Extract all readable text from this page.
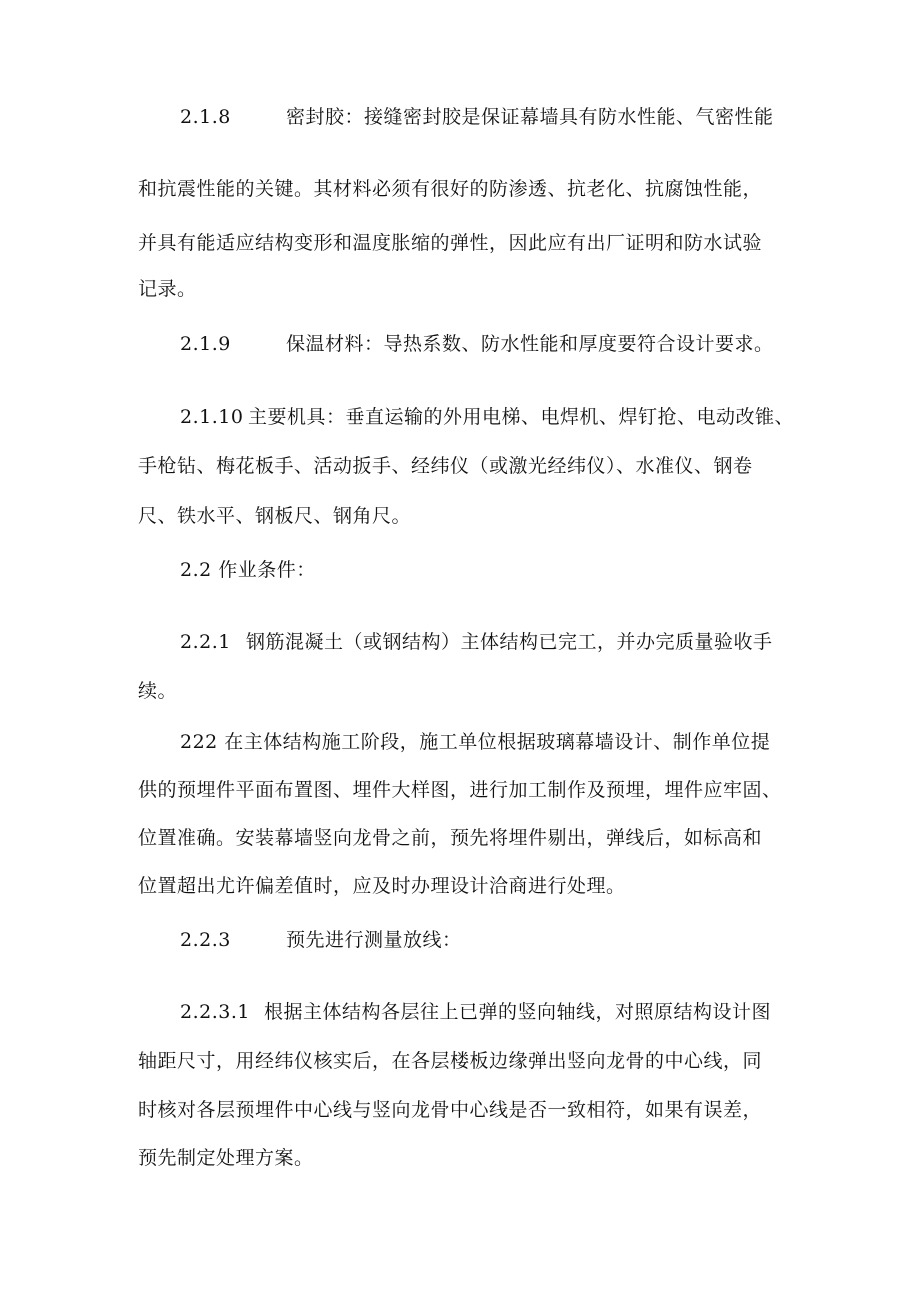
2.1.8	密封胶：接缝密封胶是保证幕墙具有防水性能、气密性能
和抗震性能的关键。其材料必须有很好的防渗透、抗老化、抗腐蚀性能，
并具有能适应结构变形和温度胀缩的弹性，因此应有出厂证明和防水试验
记录。
2.1.9	保温材料：导热系数、防水性能和厚度要符合设计要求。
2.1.10 主要机具：垂直运输的外用电梯、电焊机、焊钉抢、电动改锥、
手枪钻、梅花板手、活动扳手、经纬仪（或激光经纬仪）、水准仪、钢卷
尺、铁水平、钢板尺、钢角尺。
2.2 作业条件：
2.2.1 钢筋混凝土（或钢结构）主体结构已完工，并办完质量验收手
续。
222 在主体结构施工阶段，施工单位根据玻璃幕墙设计、制作单位提
供的预埋件平面布置图、埋件大样图，进行加工制作及预埋，埋件应牢固、
位置准确。安装幕墙竖向龙骨之前，预先将埋件剔出，弹线后，如标高和
位置超出尤许偏差值时，应及时办理设计洽商进行处理。
2.2.3	预先进行测量放线：
2.2.3.1 根据主体结构各层往上已弹的竖向轴线，对照原结构设计图
轴距尺寸，用经纬仪核实后，在各层楼板边缘弹出竖向龙骨的中心线，同
时核对各层预埋件中心线与竖向龙骨中心线是否一致相符，如果有误差，
预先制定处理方案。
